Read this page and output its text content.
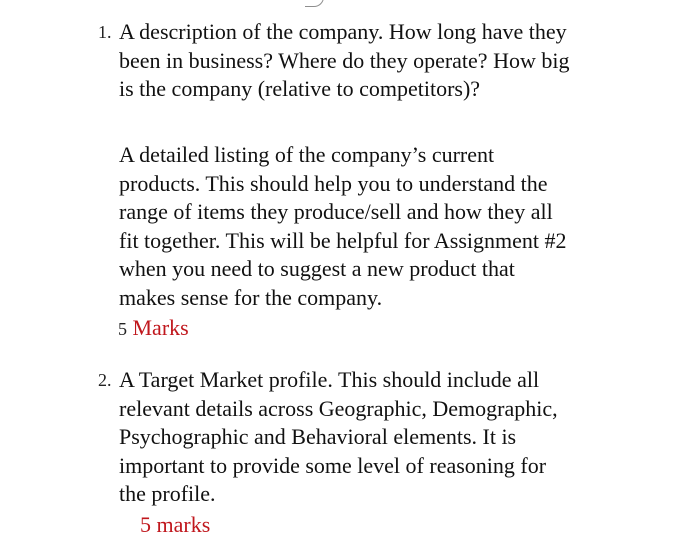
1. A description of the company. How long have they

been in business? Where do they operate? How big

is the company (relative to competitors)?

A detailed listing of the company’s current

products. This should help you to understand the

range of items they produce/sell and how they all

fit together. This will be helpful for Assignment #2

when you need to suggest a new product that

makes sense for the company.

5 Marks
2. A Target Market profile. This should include all

relevant details across Geographic, Demographic,

Psychographic and Behavioral elements. It is

important to provide some level of reasoning for

the profile.

5 marks
